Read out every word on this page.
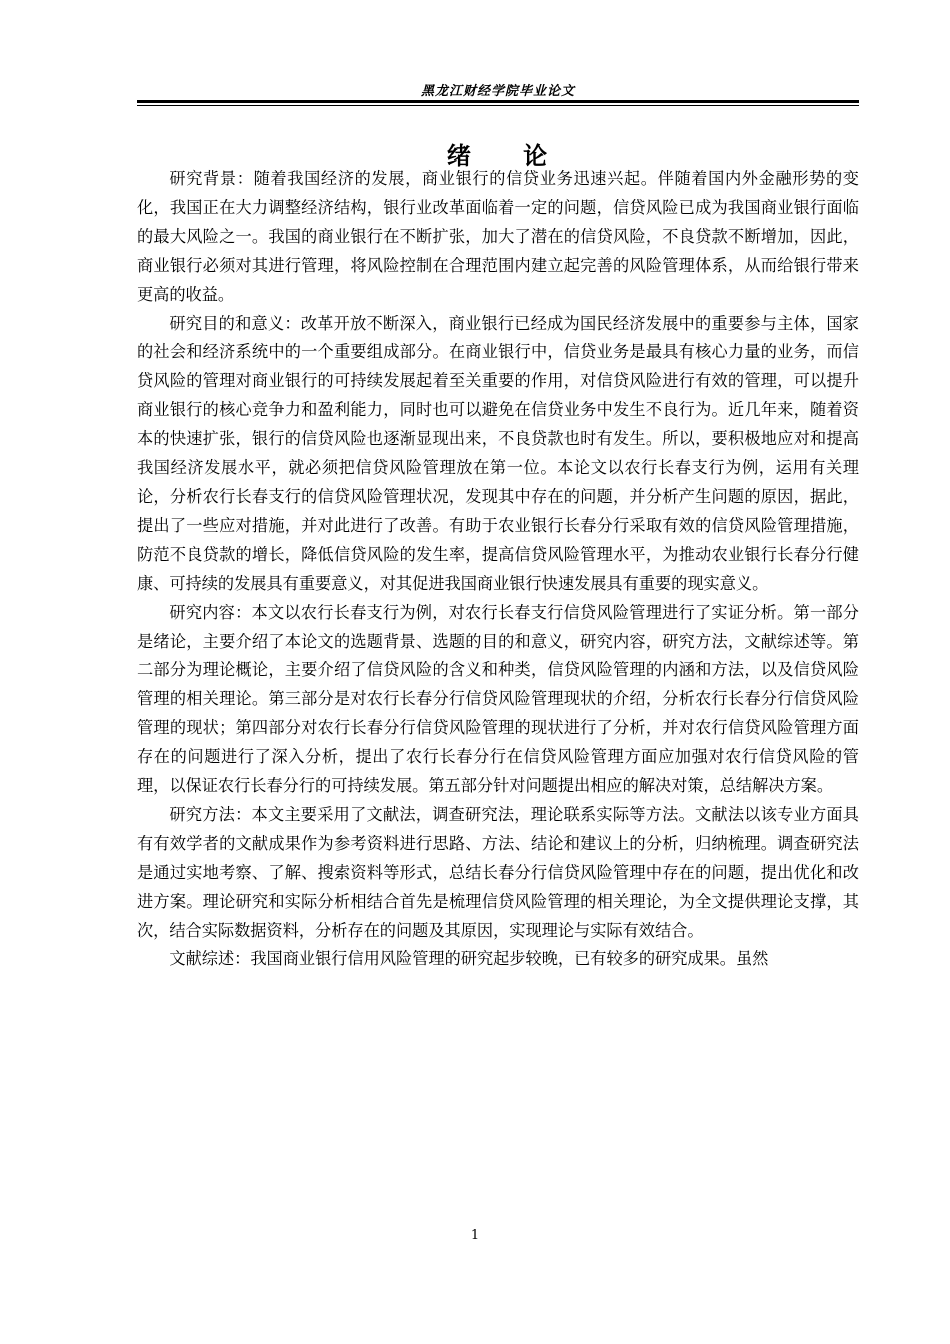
黑龙江财经学院毕业论文
绪 论

研究背景：随着我国经济的发展，商业银行的信贷业务迅速兴起。伴随着国内外金融形势的变化，我国正在大力调整经济结构，银行业改革面临着一定的问题，信贷风险已成为我国商业银行面临的最大风险之一。我国的商业银行在不断扩张，加大了潜在的信贷风险，不良贷款不断增加，因此，商业银行必须对其进行管理，将风险控制在合理范围内建立起完善的风险管理体系，从而给银行带来更高的收益。

研究目的和意义：改革开放不断深入，商业银行已经成为国民经济发展中的重要参与主体，国家的社会和经济系统中的一个重要组成部分。在商业银行中，信贷业务是最具有核心力量的业务，而信贷风险的管理对商业银行的可持续发展起着至关重要的作用，对信贷风险进行有效的管理，可以提升商业银行的核心竞争力和盈利能力，同时也可以避免在信贷业务中发生不良行为。近几年来，随着资本的快速扩张，银行的信贷风险也逐渐显现出来，不良贷款也时有发生。所以，要积极地应对和提高我国经济发展水平，就必须把信贷风险管理放在第一位。本论文以农行长春支行为例，运用有关理论，分析农行长春支行的信贷风险管理状况，发现其中存在的问题，并分析产生问题的原因，据此，提出了一些应对措施，并对此进行了改善。有助于农业银行长春分行采取有效的信贷风险管理措施，防范不良贷款的增长，降低信贷风险的发生率，提高信贷风险管理水平，为推动农业银行长春分行健康、可持续的发展具有重要意义，对其促进我国商业银行快速发展具有重要的现实意义。

研究内容：本文以农行长春支行为例，对农行长春支行信贷风险管理进行了实证分析。第一部分是绪论，主要介绍了本论文的选题背景、选题的目的和意义，研究内容，研究方法，文献综述等。第二部分为理论概论，主要介绍了信贷风险的含义和种类，信贷风险管理的内涵和方法，以及信贷风险管理的相关理论。第三部分是对农行长春分行信贷风险管理现状的介绍，分析农行长春分行信贷风险管理的现状；第四部分对农行长春分行信贷风险管理的现状进行了分析，并对农行信贷风险管理方面存在的问题进行了深入分析，提出了农行长春分行在信贷风险管理方面应加强对农行信贷风险的管理，以保证农行长春分行的可持续发展。第五部分针对问题提出相应的解决对策，总结解决方案。

研究方法：本文主要采用了文献法，调查研究法，理论联系实际等方法。文献法以该专业方面具有有效学者的文献成果作为参考资料进行思路、方法、结论和建议上的分析，归纳梳理。调查研究法是通过实地考察、了解、搜索资料等形式，总结长春分行信贷风险管理中存在的问题，提出优化和改进方案。理论研究和实际分析相结合首先是梳理信贷风险管理的相关理论，为全文提供理论支撑，其次，结合实际数据资料，分析存在的问题及其原因，实现理论与实际有效结合。

文献综述：我国商业银行信用风险管理的研究起步较晚，已有较多的研究成果。虽然

1
